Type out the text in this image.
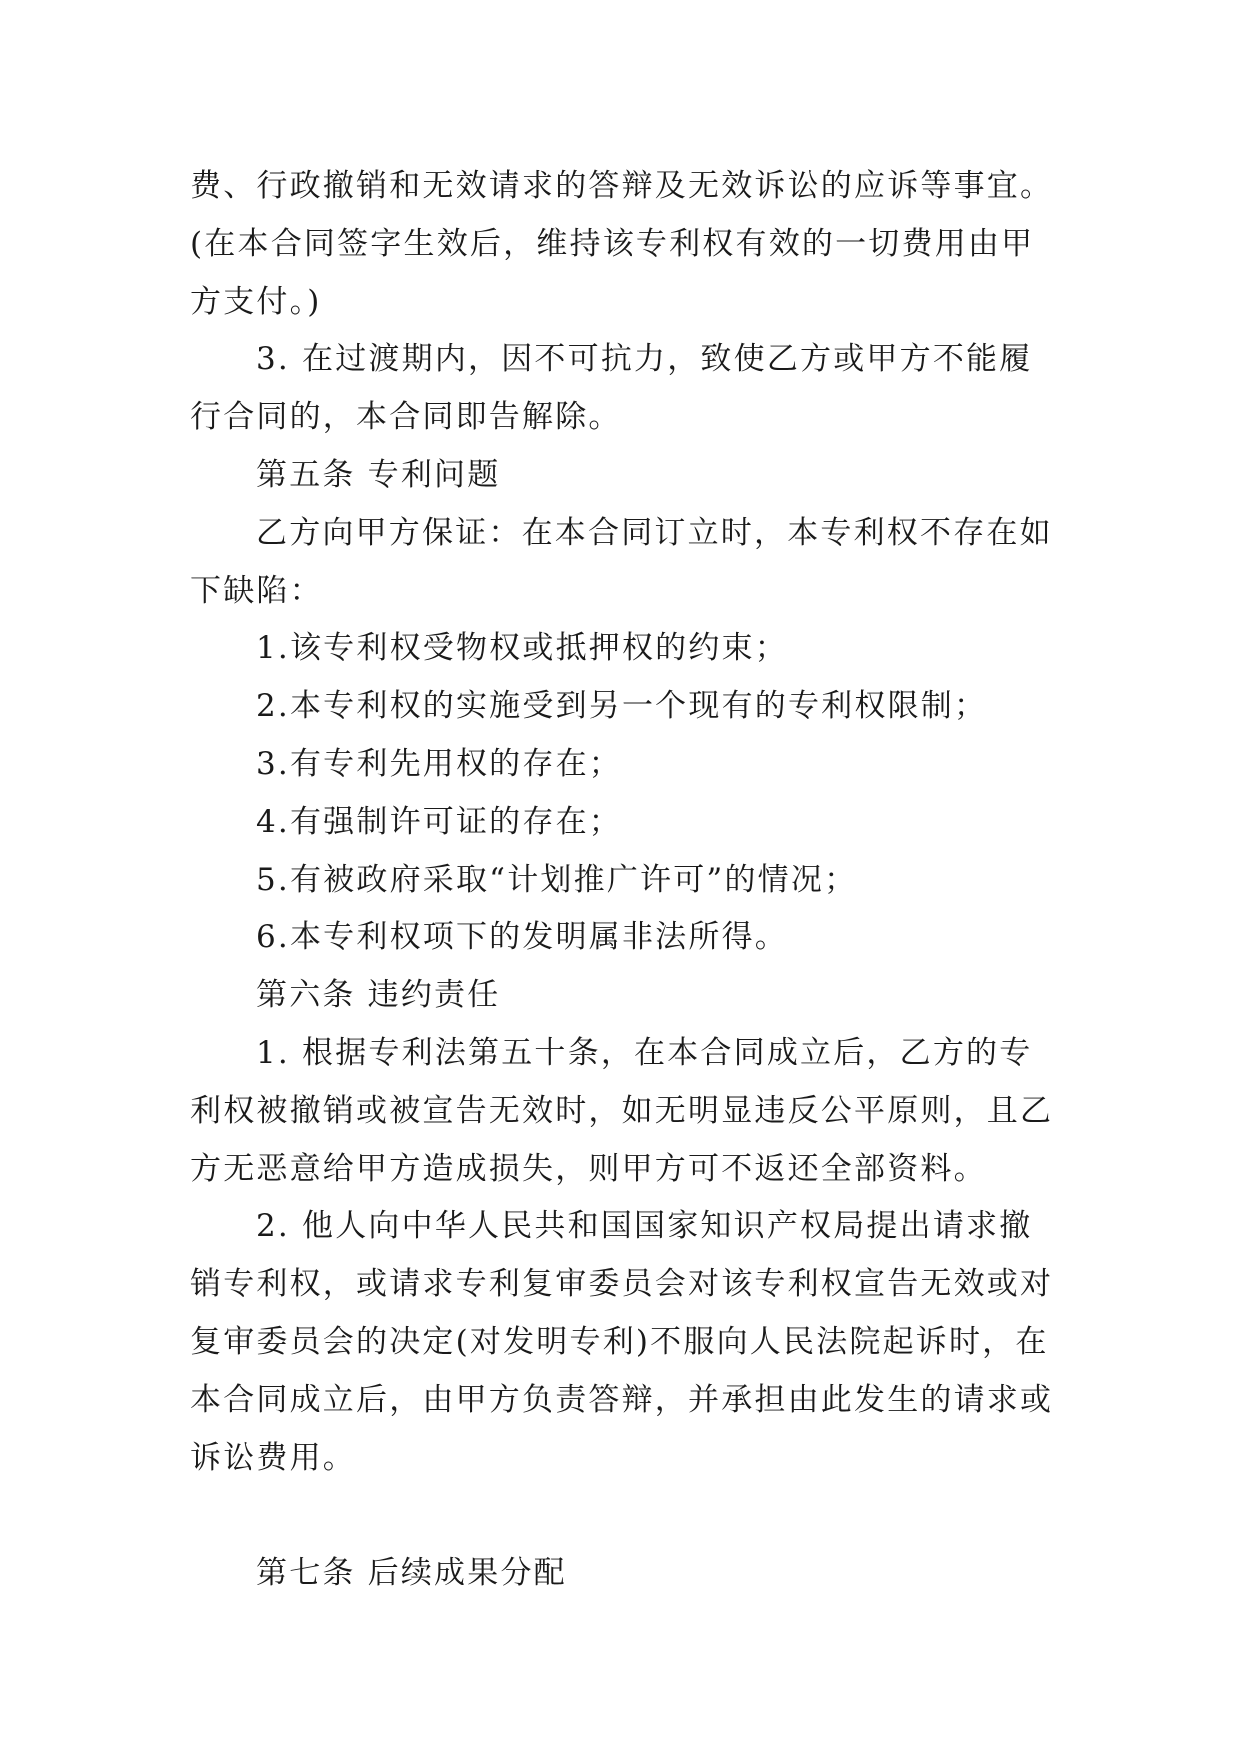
费、行政撤销和无效请求的答辩及无效诉讼的应诉等事宜。
(在本合同签字生效后，维持该专利权有效的一切费用由甲
方支付。)
3. 在过渡期内，因不可抗力，致使乙方或甲方不能履
行合同的，本合同即告解除。
第五条 专利问题
乙方向甲方保证：在本合同订立时，本专利权不存在如
下缺陷：
1.该专利权受物权或抵押权的约束；
2.本专利权的实施受到另一个现有的专利权限制；
3.有专利先用权的存在；
4.有强制许可证的存在；
5.有被政府采取“计划推广许可”的情况；
6.本专利权项下的发明属非法所得。
第六条 违约责任
1. 根据专利法第五十条，在本合同成立后，乙方的专
利权被撤销或被宣告无效时，如无明显违反公平原则，且乙
方无恶意给甲方造成损失，则甲方可不返还全部资料。
2. 他人向中华人民共和国国家知识产权局提出请求撤
销专利权，或请求专利复审委员会对该专利权宣告无效或对
复审委员会的决定(对发明专利)不服向人民法院起诉时，在
本合同成立后，由甲方负责答辩，并承担由此发生的请求或
诉讼费用。
第七条 后续成果分配
